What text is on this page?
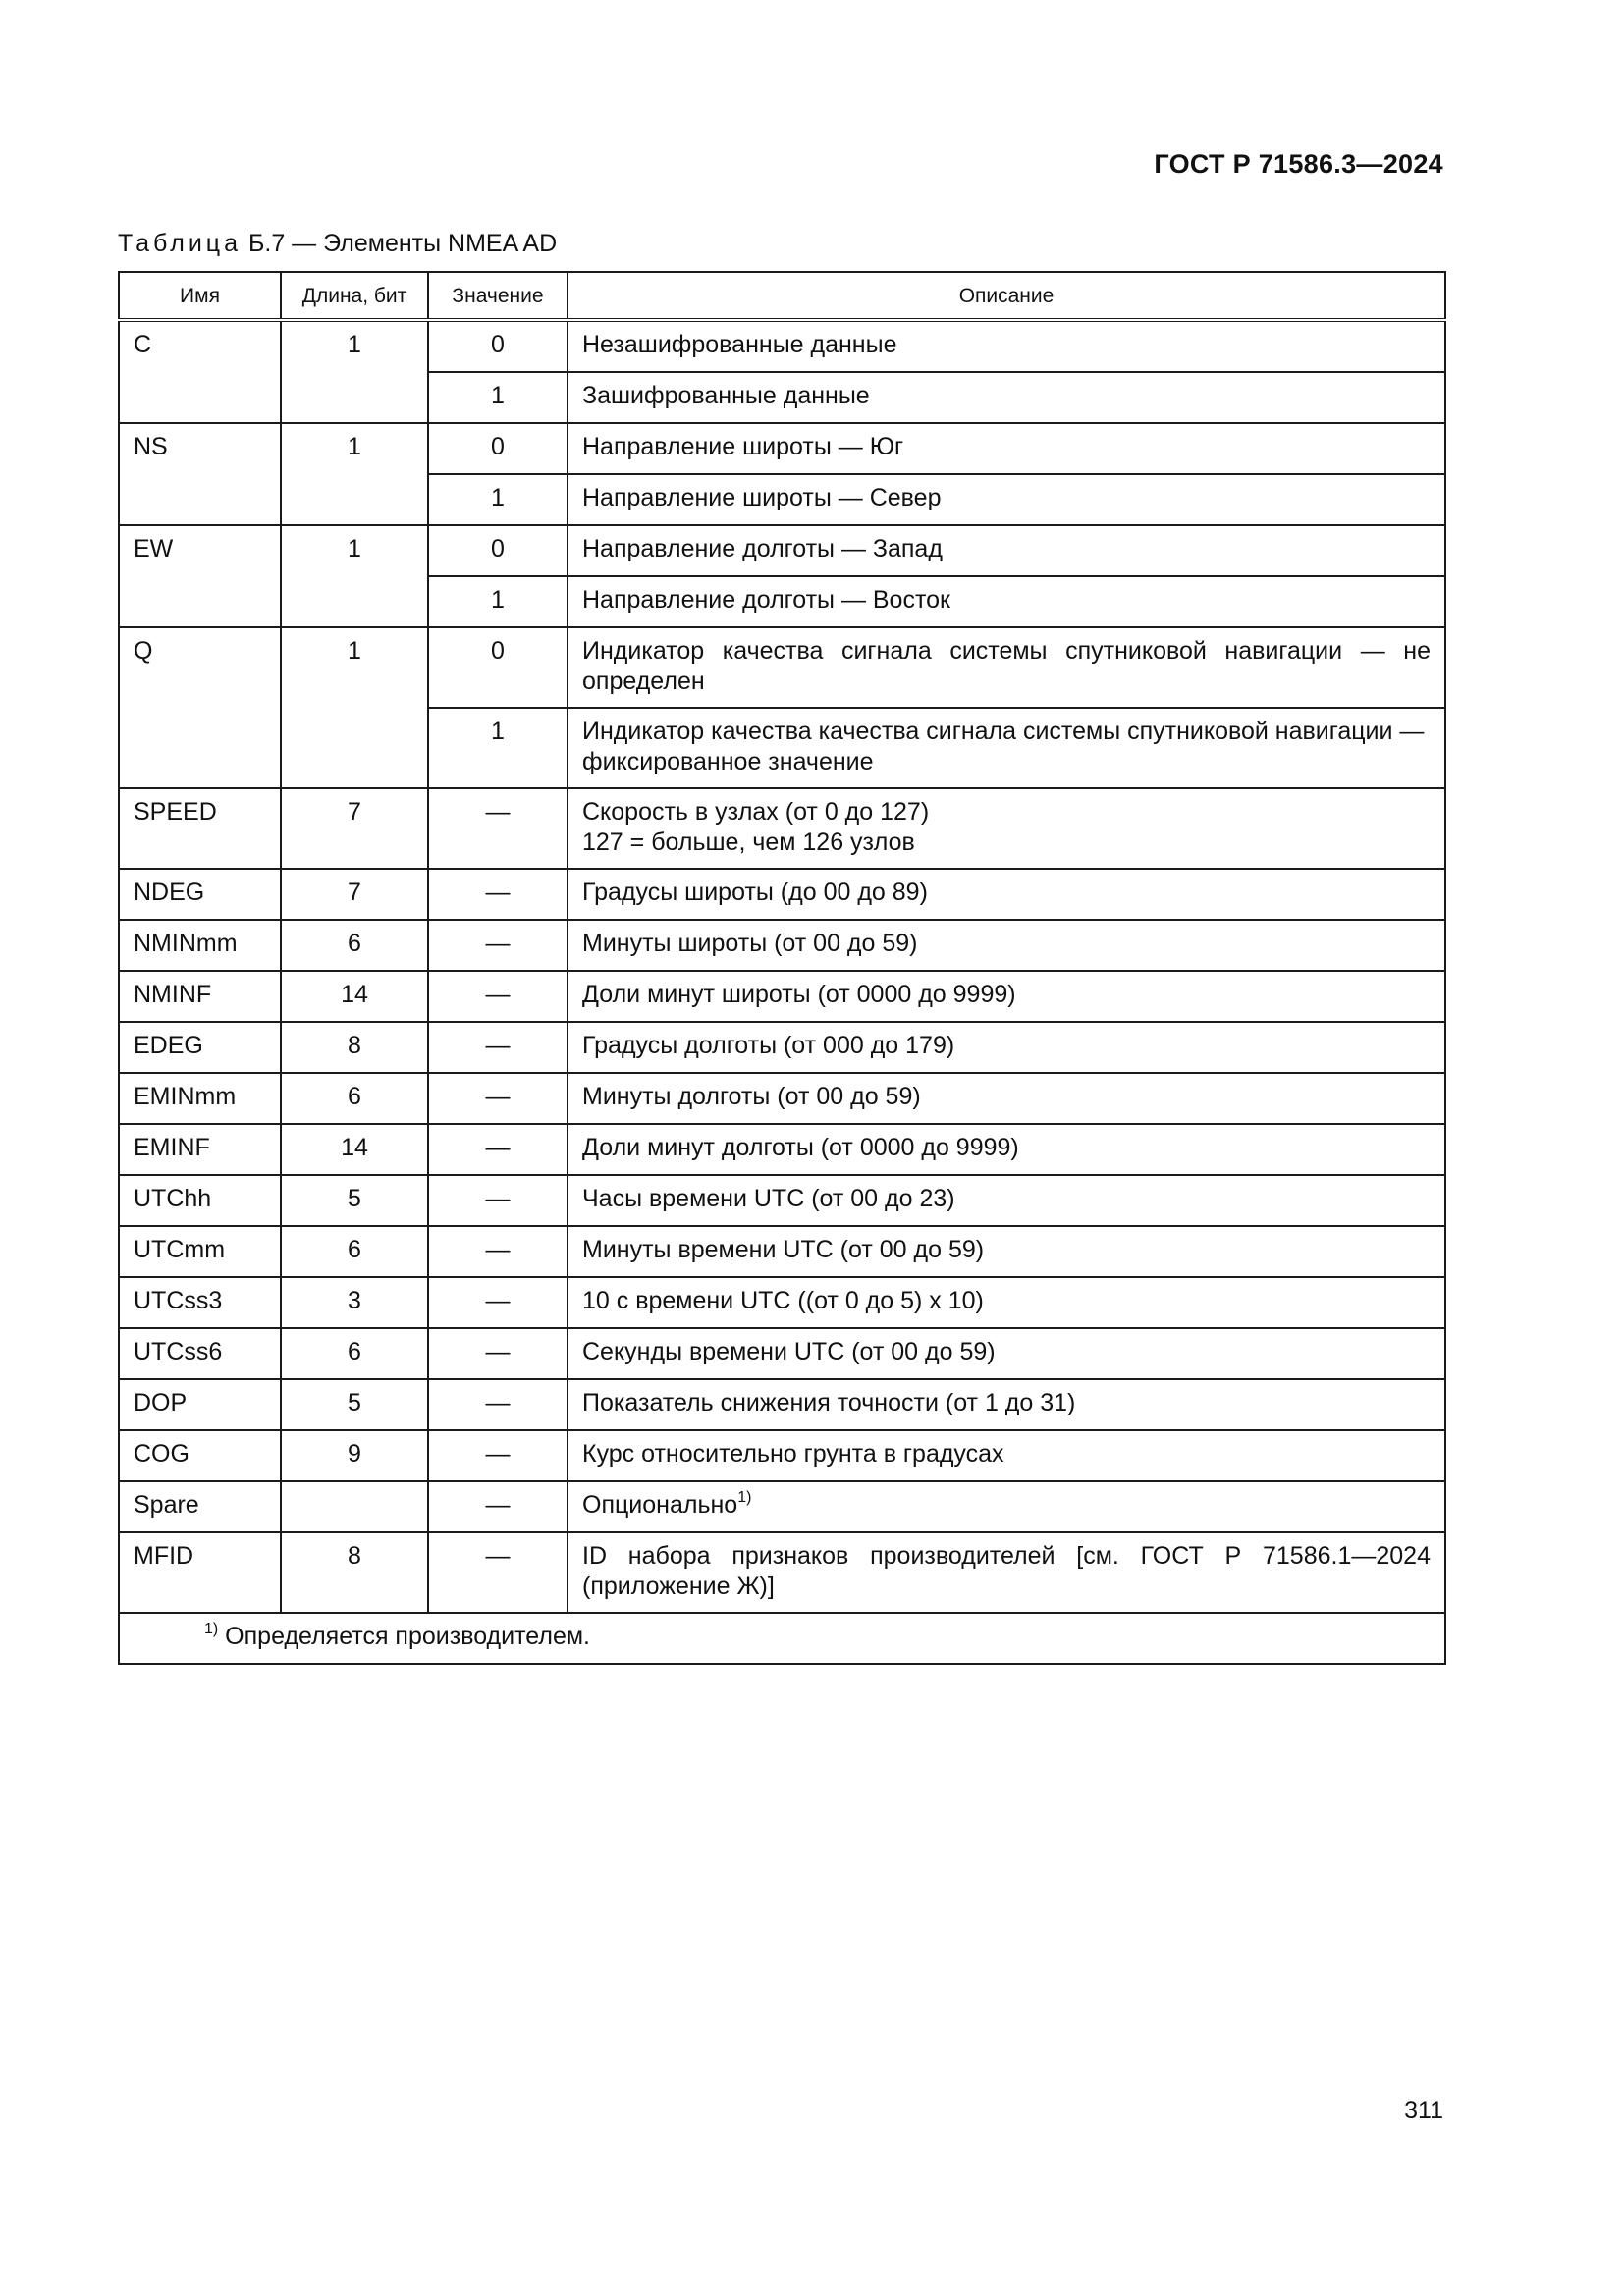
ГОСТ Р 71586.3—2024
Таблица Б.7 — Элементы NMEA AD
Имя	Длина, бит	Значение	Описание
C	1	0	Незашифрованные данные
		1	Зашифрованные данные
NS	1	0	Направление широты — Юг
		1	Направление широты — Север
EW	1	0	Направление долготы — Запад
		1	Направление долготы — Восток
Q	1	0	Индикатор качества сигнала системы спутниковой навигации — не определен
		1	Индикатор качества качества сигнала системы спутниковой навигации — фиксированное значение
SPEED	7	—	Скорость в узлах (от 0 до 127)
127 = больше, чем 126 узлов

NDEG	7	—	Градусы широты (до 00 до 89)
NMINmm	6	—	Минуты широты (от 00 до 59)
NMINF	14	—	Доли минут широты (от 0000 до 9999)
EDEG	8	—	Градусы долготы (от 000 до 179)
EMINmm	6	—	Минуты долготы (от 00 до 59)
EMINF	14	—	Доли минут долготы (от 0000 до 9999)
UTChh	5	—	Часы времени UTC (от 00 до 23)
UTCmm	6	—	Минуты времени UTC (от 00 до 59)
UTCss3	3	—	10 с времени UTC ((от 0 до 5) х 10)
UTCss6	6	—	Секунды времени UTC (от 00 до 59)
DOP	5	—	Показатель снижения точности (от 1 до 31)
COG	9	—	Курс относительно грунта в градусах
Spare		—	Опционально$^{1)}$
MFID	8	—	ID набора признаков производителей [см. ГОСТ Р 71586.1—2024 (приложение Ж)]
$^{1)}$ Определяется производителем.			
311
